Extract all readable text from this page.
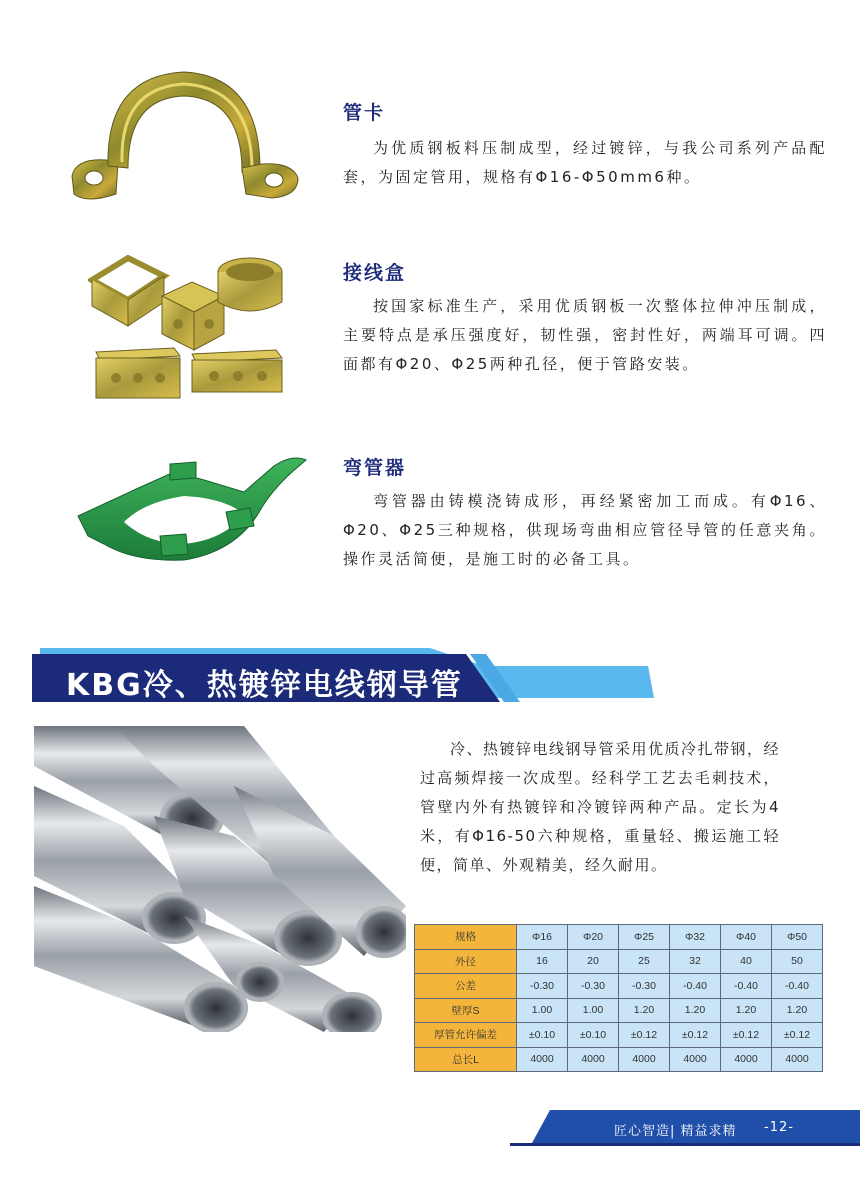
管卡
为优质钢板料压制成型，经过镀锌，与我公司系列产品配套，为固定管用，规格有Φ16-Φ50mm6种。
接线盒
按国家标准生产，采用优质钢板一次整体拉伸冲压制成，主要特点是承压强度好，韧性强，密封性好，两端耳可调。四面都有Φ20、Φ25两种孔径，便于管路安装。
弯管器
弯管器由铸模浇铸成形，再经紧密加工而成。有Φ16、Φ20、Φ25三种规格，供现场弯曲相应管径导管的任意夹角。操作灵活简便，是施工时的必备工具。
KBG冷、热镀锌电线钢导管
冷、热镀锌电线钢导管采用优质冷扎带钢，经过高频焊接一次成型。经科学工艺去毛刺技术，管壁内外有热镀锌和冷镀锌两种产品。定长为4米，有Φ16-50六种规格，重量轻、搬运施工轻便，简单、外观精美，经久耐用。
规格	Φ16	Φ20	Φ25	Φ32	Φ40	Φ50
外径	16	20	25	32	40	50
公差	-0.30	-0.30	-0.30	-0.40	-0.40	-0.40
壁厚S	1.00	1.00	1.20	1.20	1.20	1.20
厚管允许偏差	±0.10	±0.10	±0.12	±0.12	±0.12	±0.12
总长L	4000	4000	4000	4000	4000	4000
匠心智造| 精益求精 -12-
